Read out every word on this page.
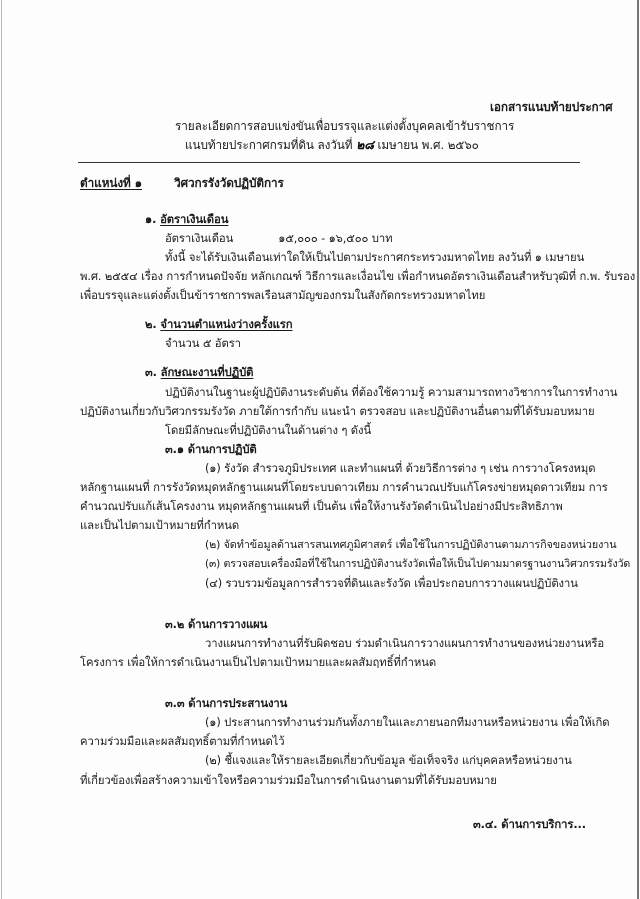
เอกสารแนบท้ายประกาศ
รายละเอียดการสอบแข่งขันเพื่อบรรจุและแต่งตั้งบุคคลเข้ารับราชการ
แนบท้ายประกาศกรมที่ดิน ลงวันที่ ๒๘ เมษายน พ.ศ. ๒๕๖๐
ตำแหน่งที่ ๑	วิศวกรรังวัดปฏิบัติการ
๑. อัตราเงินเดือน
อัตราเงินเดือน	๑๕,๐๐๐ - ๑๖,๕๐๐ บาท
ทั้งนี้ จะได้รับเงินเดือนเท่าใดให้เป็นไปตามประกาศกระทรวงมหาดไทย ลงวันที่ ๑ เมษายน
พ.ศ. ๒๕๕๔ เรื่อง การกำหนดปัจจัย หลักเกณฑ์ วิธีการและเงื่อนไข เพื่อกำหนดอัตราเงินเดือนสำหรับวุฒิที่ ก.พ. รับรอง
เพื่อบรรจุและแต่งตั้งเป็นข้าราชการพลเรือนสามัญของกรมในสังกัดกระทรวงมหาดไทย
๒. จำนวนตำแหน่งว่างครั้งแรก
จำนวน ๕ อัตรา
๓. ลักษณะงานที่ปฏิบัติ
ปฏิบัติงานในฐานะผู้ปฏิบัติงานระดับต้น ที่ต้องใช้ความรู้ ความสามารถทางวิชาการในการทำงาน
ปฏิบัติงานเกี่ยวกับวิศวกรรมรังวัด ภายใต้การกำกับ แนะนำ ตรวจสอบ และปฏิบัติงานอื่นตามที่ได้รับมอบหมาย
โดยมีลักษณะที่ปฏิบัติงานในด้านต่าง ๆ ดังนี้
๓.๑ ด้านการปฏิบัติ
(๑) รังวัด สำรวจภูมิประเทศ และทำแผนที่ ด้วยวิธีการต่าง ๆ เช่น การวางโครงหมุด
หลักฐานแผนที่ การรังวัดหมุดหลักฐานแผนที่โดยระบบดาวเทียม การคำนวณปรับแก้โครงข่ายหมุดดาวเทียม การ
คำนวณปรับแก้เส้นโครงงาน หมุดหลักฐานแผนที่ เป็นต้น เพื่อให้งานรังวัดดำเนินไปอย่างมีประสิทธิภาพ
และเป็นไปตามเป้าหมายที่กำหนด
(๒) จัดทำข้อมูลด้านสารสนเทศภูมิศาสตร์ เพื่อใช้ในการปฏิบัติงานตามภารกิจของหน่วยงาน
(๓) ตรวจสอบเครื่องมือที่ใช้ในการปฏิบัติงานรังวัดเพื่อให้เป็นไปตามมาตรฐานงานวิศวกรรมรังวัด
(๔) รวบรวมข้อมูลการสำรวจที่ดินและรังวัด เพื่อประกอบการวางแผนปฏิบัติงาน
๓.๒ ด้านการวางแผน
วางแผนการทำงานที่รับผิดชอบ ร่วมดำเนินการวางแผนการทำงานของหน่วยงานหรือ
โครงการ เพื่อให้การดำเนินงานเป็นไปตามเป้าหมายและผลสัมฤทธิ์ที่กำหนด
๓.๓ ด้านการประสานงาน
(๑) ประสานการทำงานร่วมกันทั้งภายในและภายนอกทีมงานหรือหน่วยงาน เพื่อให้เกิด
ความร่วมมือและผลสัมฤทธิ์ตามที่กำหนดไว้
(๒) ชี้แจงและให้รายละเอียดเกี่ยวกับข้อมูล ข้อเท็จจริง แก่บุคคลหรือหน่วยงาน
ที่เกี่ยวข้องเพื่อสร้างความเข้าใจหรือความร่วมมือในการดำเนินงานตามที่ได้รับมอบหมาย
๓.๔. ด้านการบริการ...
